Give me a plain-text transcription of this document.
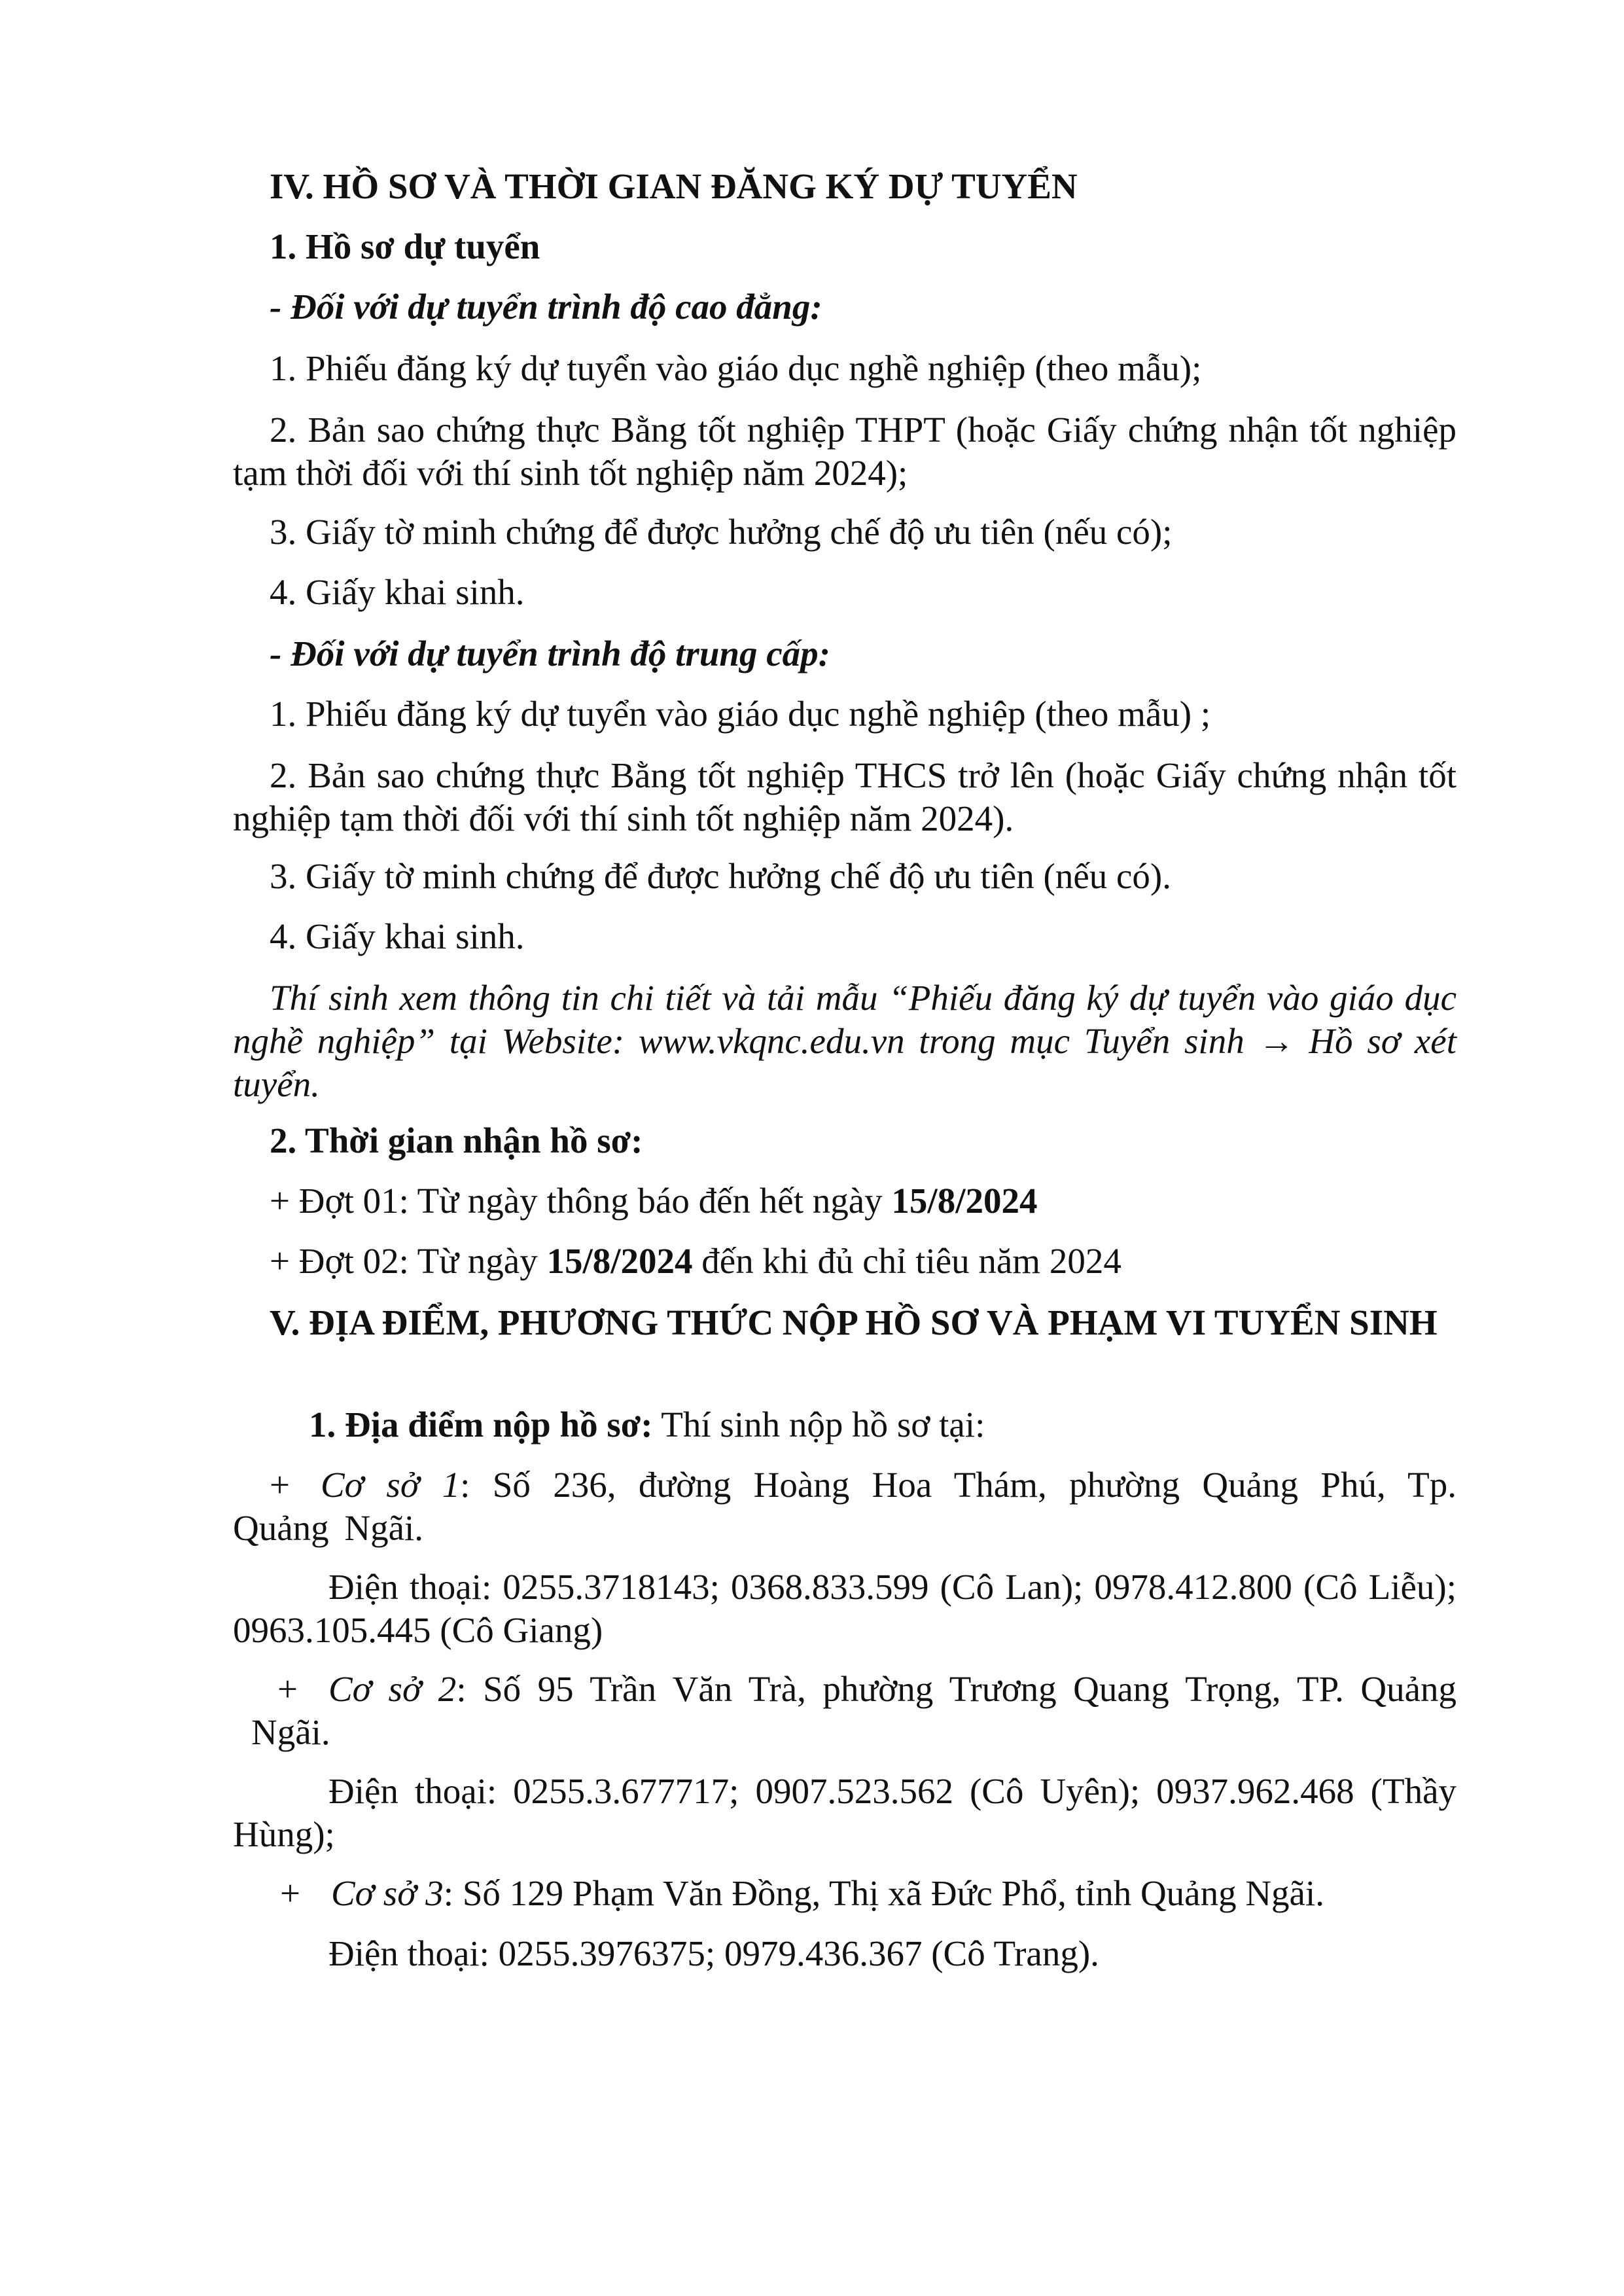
IV. HỒ SƠ VÀ THỜI GIAN ĐĂNG KÝ DỰ TUYỂN
1. Hồ sơ dự tuyển
- Đối với dự tuyển trình độ cao đẳng:
1. Phiếu đăng ký dự tuyển vào giáo dục nghề nghiệp (theo mẫu);
2. Bản sao chứng thực Bằng tốt nghiệp THPT (hoặc Giấy chứng nhận tốt nghiệp tạm thời đối với thí sinh tốt nghiệp năm 2024);
3. Giấy tờ minh chứng để được hưởng chế độ ưu tiên (nếu có);
4. Giấy khai sinh.
- Đối với dự tuyển trình độ trung cấp:
1. Phiếu đăng ký dự tuyển vào giáo dục nghề nghiệp (theo mẫu) ;
2. Bản sao chứng thực Bằng tốt nghiệp THCS trở lên (hoặc Giấy chứng nhận tốt nghiệp tạm thời đối với thí sinh tốt nghiệp năm 2024).
3. Giấy tờ minh chứng để được hưởng chế độ ưu tiên (nếu có).
4. Giấy khai sinh.
Thí sinh xem thông tin chi tiết và tải mẫu “Phiếu đăng ký dự tuyển vào giáo dục nghề nghiệp” tại Website: www.vkqnc.edu.vn trong mục Tuyển sinh → Hồ sơ xét tuyển.
2. Thời gian nhận hồ sơ:
+ Đợt 01: Từ ngày thông báo đến hết ngày 15/8/2024
+ Đợt 02: Từ ngày 15/8/2024 đến khi đủ chỉ tiêu năm 2024
V. ĐỊA ĐIỂM, PHƯƠNG THỨC NỘP HỒ SƠ VÀ PHẠM VI TUYỂN SINH
1. Địa điểm nộp hồ sơ: Thí sinh nộp hồ sơ tại:
+ Cơ sở 1: Số 236, đường Hoàng Hoa Thám, phường Quảng Phú, Tp. Quảng Ngãi.
Điện thoại: 0255.3718143; 0368.833.599 (Cô Lan); 0978.412.800 (Cô Liễu); 0963.105.445 (Cô Giang)
+ Cơ sở 2: Số 95 Trần Văn Trà, phường Trương Quang Trọng, TP. Quảng Ngãi.
Điện thoại: 0255.3.677717; 0907.523.562 (Cô Uyên); 0937.962.468 (Thầy Hùng);
+ Cơ sở 3: Số 129 Phạm Văn Đồng, Thị xã Đức Phổ, tỉnh Quảng Ngãi.
Điện thoại: 0255.3976375; 0979.436.367 (Cô Trang).
